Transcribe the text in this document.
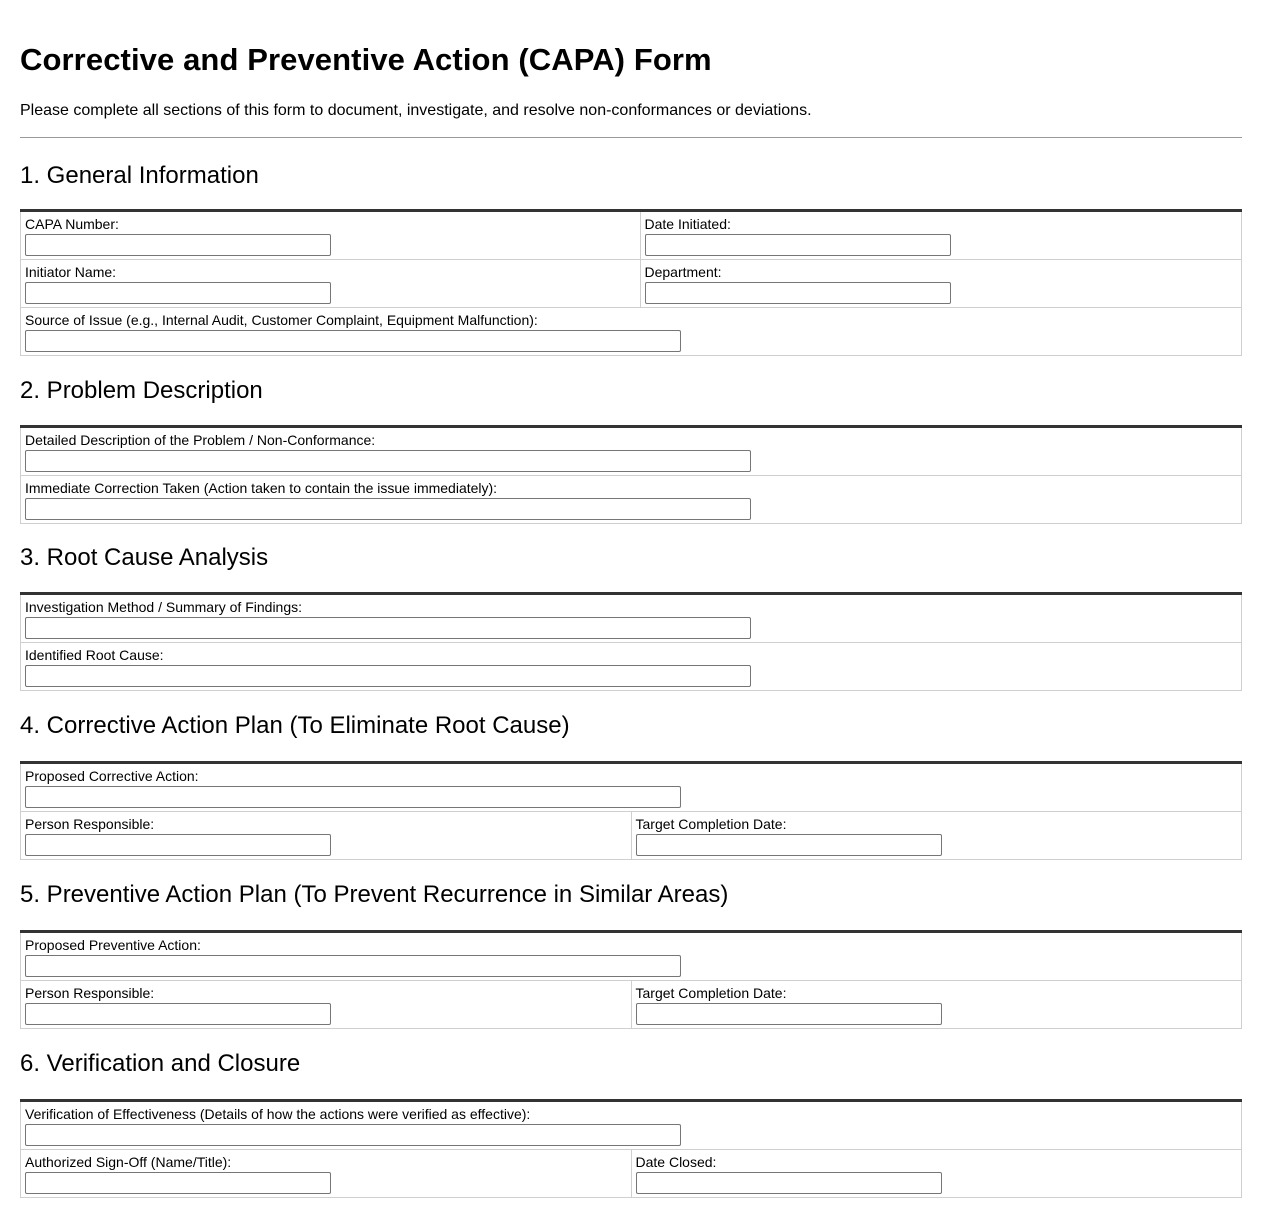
Corrective and Preventive Action (CAPA) Form

Please complete all sections of this form to document, investigate, and resolve non-conformances or deviations.

1. General Information
CAPA Number:	Date Initiated:

Initiator Name:	Department:

Source of Issue (e.g., Internal Audit, Customer Complaint, Equipment Malfunction):	
2. Problem Description
Detailed Description of the Problem / Non-Conformance:

Immediate Correction Taken (Action taken to contain the issue immediately):
3. Root Cause Analysis
Investigation Method / Summary of Findings:

Identified Root Cause:
4. Corrective Action Plan (To Eliminate Root Cause)
Proposed Corrective Action:

Person Responsible:	Target Completion Date:
5. Preventive Action Plan (To Prevent Recurrence in Similar Areas)
Proposed Preventive Action:

Person Responsible:	Target Completion Date:
6. Verification and Closure
Verification of Effectiveness (Details of how the actions were verified as effective):

Authorized Sign-Off (Name/Title):	Date Closed:
